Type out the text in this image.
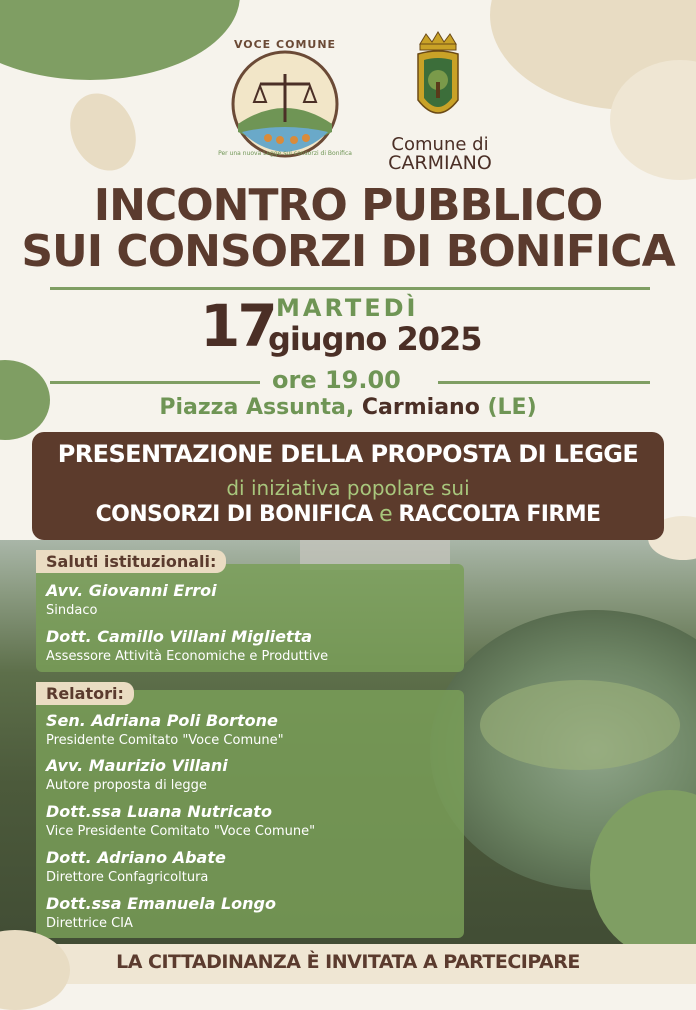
VOCE COMUNE
Per una nuova Legge sui consorzi di Bonifica	Comune di
CARMIANO
INCONTRO PUBBLICO
SUI CONSORZI DI BONIFICA
17 MARTEDÌ
giugno 2025
ore 19.00
Piazza Assunta, Carmiano (LE)
PRESENTAZIONE DELLA PROPOSTA DI LEGGE
di iniziativa popolare sui
CONSORZI DI BONIFICA e RACCOLTA FIRME
Saluti istituzionali:
Avv. Giovanni Erroi
Sindaco
Dott. Camillo Villani Miglietta
Assessore Attività Economiche e Produttive
Relatori:
Sen. Adriana Poli Bortone
Presidente Comitato "Voce Comune"
Avv. Maurizio Villani
Autore proposta di legge
Dott.ssa Luana Nutricato
Vice Presidente Comitato "Voce Comune"
Dott. Adriano Abate
Direttore Confagricoltura
Dott.ssa Emanuela Longo
Direttrice CIA
LA CITTADINANZA È INVITATA A PARTECIPARE
